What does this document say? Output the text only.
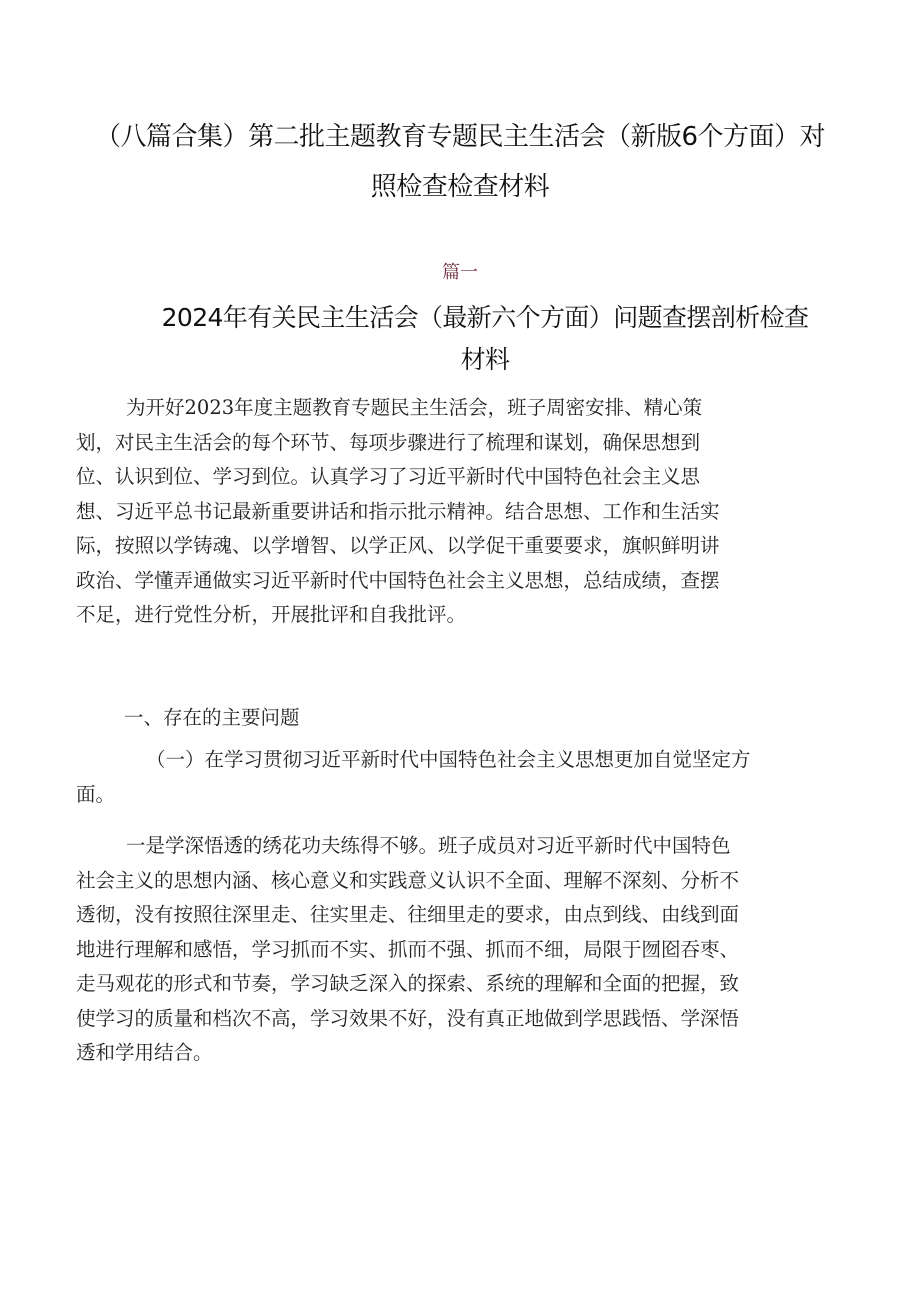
（八篇合集）第二批主题教育专题民主生活会（新版6个方面）对
照检查检查材料

篇一

2024年有关民主生活会（最新六个方面）问题查摆剖析检查
材料
为开好2023年度主题教育专题民主生活会，班子周密安排、精心策
划，对民主生活会的每个环节、每项步骤进行了梳理和谋划，确保思想到
位、认识到位、学习到位。认真学习了习近平新时代中国特色社会主义思
想、习近平总书记最新重要讲话和指示批示精神。结合思想、工作和生活实
际，按照以学铸魂、以学增智、以学正风、以学促干重要要求，旗帜鲜明讲
政治、学懂弄通做实习近平新时代中国特色社会主义思想，总结成绩，查摆
不足，进行党性分析，开展批评和自我批评。
一、存在的主要问题
（一）在学习贯彻习近平新时代中国特色社会主义思想更加自觉坚定方
面。
一是学深悟透的绣花功夫练得不够。班子成员对习近平新时代中国特色
社会主义的思想内涵、核心意义和实践意义认识不全面、理解不深刻、分析不
透彻，没有按照往深里走、往实里走、往细里走的要求，由点到线、由线到面
地进行理解和感悟，学习抓而不实、抓而不强、抓而不细，局限于囫囵吞枣、
走马观花的形式和节奏，学习缺乏深入的探索、系统的理解和全面的把握，致
使学习的质量和档次不高，学习效果不好，没有真正地做到学思践悟、学深悟
透和学用结合。
